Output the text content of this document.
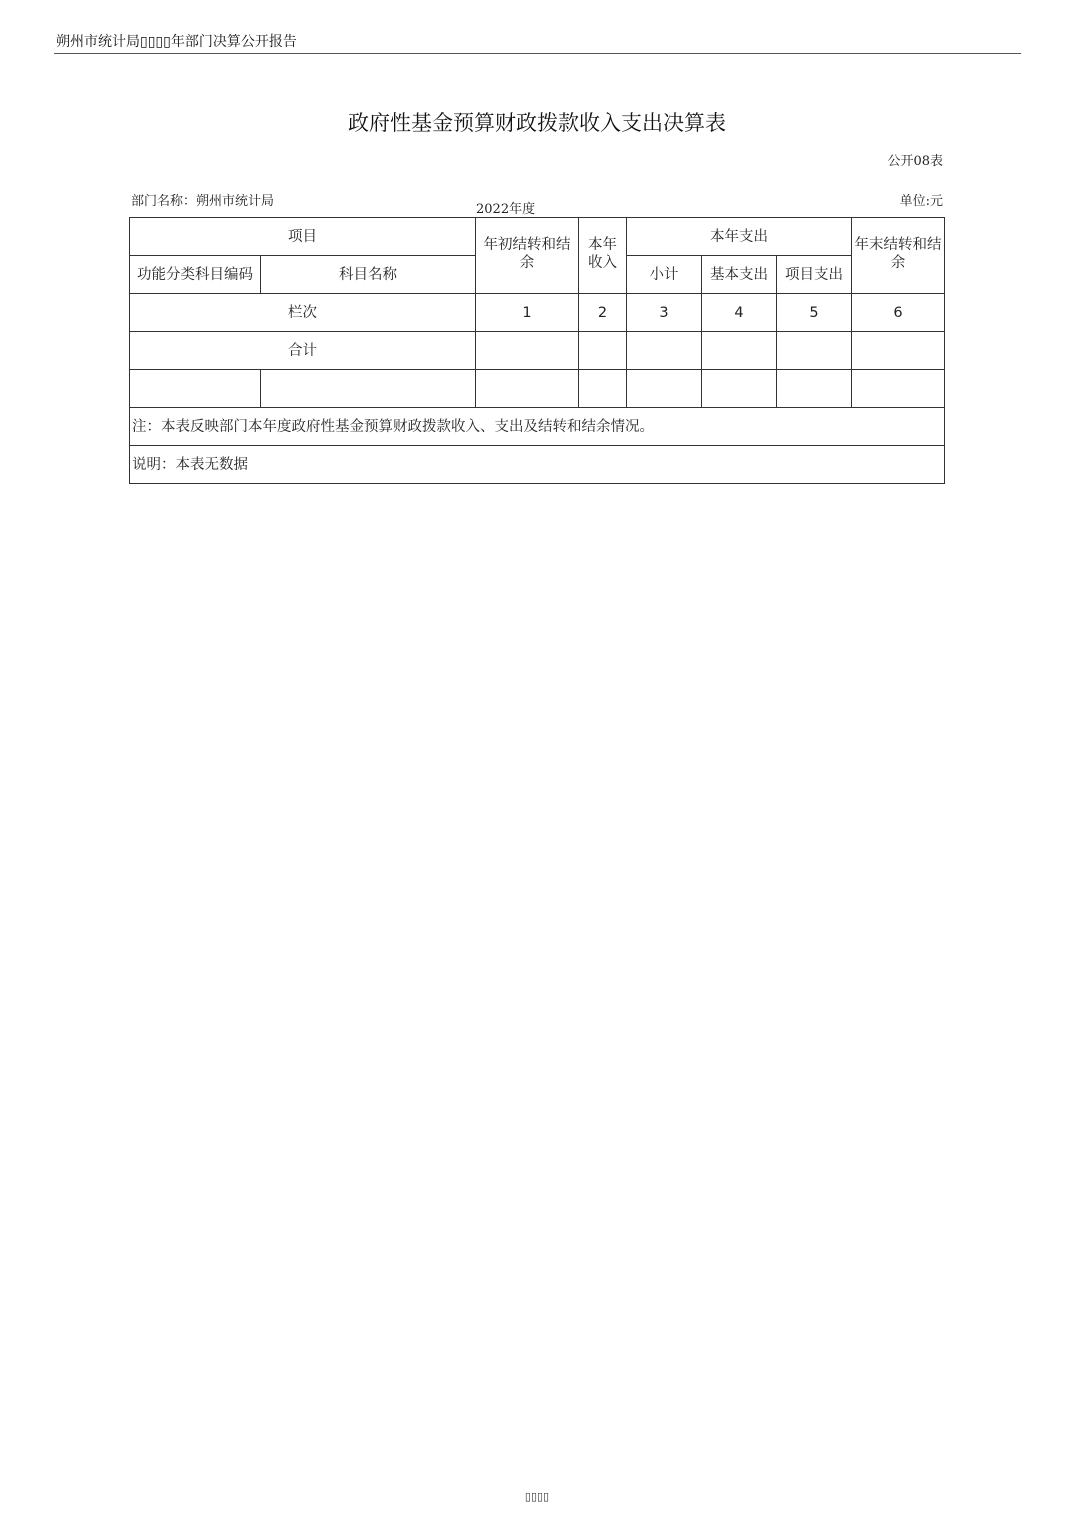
朔州市统计局▯▯▯▯年部门决算公开报告
政府性基金预算财政拨款收入支出决算表
公开08表
部门名称：朔州市统计局
2022年度
单位:元
项目		年初结转和结余	本年收入	本年支出			年末结转和结余
功能分类科目编码	科目名称			小计	基本支出	项目支出	
栏次		1	2	3	4	5	6
合计							

注：本表反映部门本年度政府性基金预算财政拨款收入、支出及结转和结余情况。							
说明：本表无数据							
▯▯▯▯
